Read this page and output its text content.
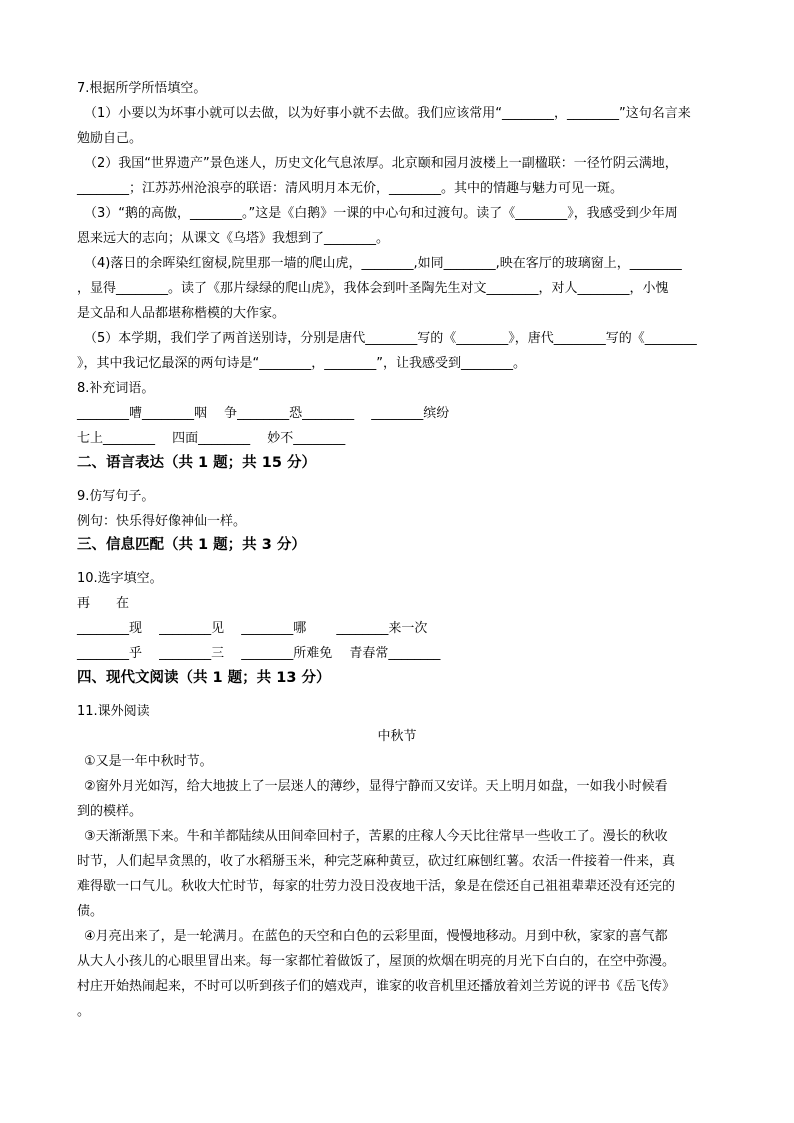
7.根据所学所悟填空。
（1）小要以为坏事小就可以去做，以为好事小就不去做。我们应该常用“________，________”这句名言来
勉励自己。
（2）我国“世界遗产”景色迷人，历史文化气息浓厚。北京颐和园月波楼上一副楹联：一径竹阴云满地，
________；江苏苏州沧浪亭的联语：清风明月本无价，________。其中的情趣与魅力可见一斑。
（3）“鹅的高傲，________。”这是《白鹅》一课的中心句和过渡句。读了《________》，我感受到少年周
恩来远大的志向；从课文《乌塔》我想到了________。
（4)落日的余晖染红窗棂,院里那一墙的爬山虎，________,如同________,映在客厅的玻璃窗上，________
，显得________。读了《那片绿绿的爬山虎》，我体会到叶圣陶先生对文________，对人________，小愧
是文品和人品都堪称楷模的大作家。
（5）本学期，我们学了两首送别诗，分别是唐代________写的《________》，唐代________写的《________
》，其中我记忆最深的两句诗是“________，________”，让我感受到________。
8.补充词语。
________嘈________咽　 争________恐________　 ________缤纷
七上________　 四面________　 妙不________
二、语言表达（共 1 题；共 15 分）
9.仿写句子。
例句：快乐得好像神仙一样。
三、信息匹配（共 1 题；共 3 分）
10.选字填空。
再　　在
________现　 ________见　 ________哪　　 ________来一次
________乎　 ________三　 ________所难免　 青春常________
四、现代文阅读（共 1 题；共 13 分）
11.课外阅读
中秋节
①又是一年中秋时节。
②窗外月光如泻，给大地披上了一层迷人的薄纱，显得宁静而又安详。天上明月如盘，一如我小时候看
到的模样。
③天渐渐黑下来。牛和羊都陆续从田间牵回村子，苦累的庄稼人今天比往常早一些收工了。漫长的秋收
时节，人们起早贪黑的，收了水稻掰玉米，种完芝麻种黄豆，砍过红麻刨红薯。农活一件接着一件来，真
难得歇一口气儿。秋收大忙时节，每家的壮劳力没日没夜地干活，象是在偿还自己祖祖辈辈还没有还完的
债。
④月亮出来了，是一轮满月。在蓝色的天空和白色的云彩里面，慢慢地移动。月到中秋，家家的喜气都
从大人小孩儿的心眼里冒出来。每一家都忙着做饭了，屋顶的炊烟在明亮的月光下白白的，在空中弥漫。
村庄开始热闹起来，不时可以听到孩子们的嬉戏声，谁家的收音机里还播放着刘兰芳说的评书《岳飞传》
。
